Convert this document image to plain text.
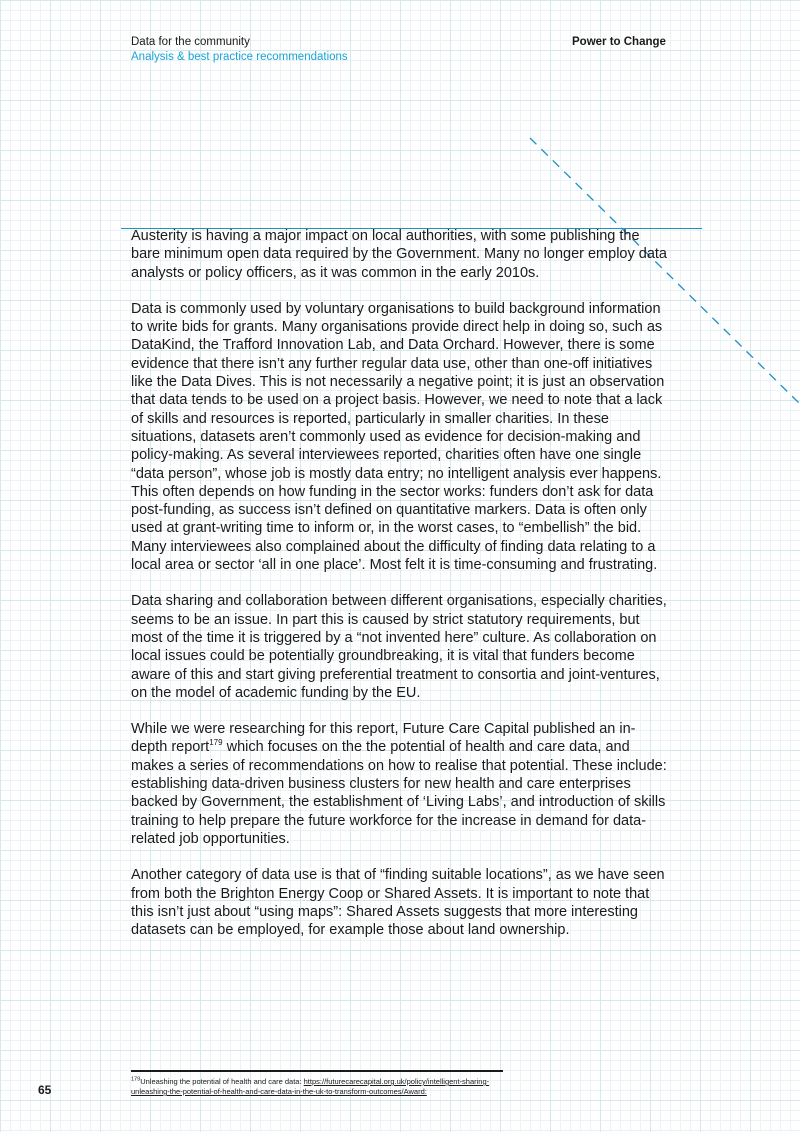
Data for the community
Analysis & best practice recommendations
Power to Change

Austerity is having a major impact on local authorities, with some publishing the bare minimum open data required by the Government. Many no longer employ data analysts or policy officers, as it was common in the early 2010s.

Data is commonly used by voluntary organisations to build background information to write bids for grants. Many organisations provide direct help in doing so, such as DataKind, the Trafford Innovation Lab, and Data Orchard. However, there is some evidence that there isn’t any further regular data use, other than one-off initiatives like the Data Dives. This is not necessarily a negative point; it is just an observation that data tends to be used on a project basis. However, we need to note that a lack of skills and resources is reported, particularly in smaller charities. In these situations, datasets aren’t commonly used as evidence for decision-making and policy-making. As several interviewees reported, charities often have one single “data person”, whose job is mostly data entry; no intelligent analysis ever happens. This often depends on how funding in the sector works: funders don’t ask for data post-funding, as success isn’t defined on quantitative markers. Data is often only used at grant-writing time to inform or, in the worst cases, to “embellish” the bid. Many interviewees also complained about the difficulty of finding data relating to a local area or sector ‘all in one place’. Most felt it is time-consuming and frustrating.

Data sharing and collaboration between different organisations, especially charities, seems to be an issue. In part this is caused by strict statutory requirements, but most of the time it is triggered by a “not invented here” culture. As collaboration on local issues could be potentially groundbreaking, it is vital that funders become aware of this and start giving preferential treatment to consortia and joint-ventures, on the model of academic funding by the EU.

While we were researching for this report, Future Care Capital published an in-depth report$^{179}$ which focuses on the the potential of health and care data, and makes a series of recommendations on how to realise that potential. These include: establishing data-driven business clusters for new health and care enterprises backed by Government, the establishment of ‘Living Labs’, and introduction of skills training to help prepare the future workforce for the increase in demand for data-related job opportunities.

Another category of data use is that of “finding suitable locations”, as we have seen from both the Brighton Energy Coop or Shared Assets. It is important to note that this isn’t just about “using maps”: Shared Assets suggests that more interesting datasets can be employed, for example those about land ownership.

$^{179}$Unleashing the potential of health and care data: https://futurecarecapital.org.uk/policy/intelligent-sharing-unleashing-the-potential-of-health-and-care-data-in-the-uk-to-transform-outcomes/Award:
65
